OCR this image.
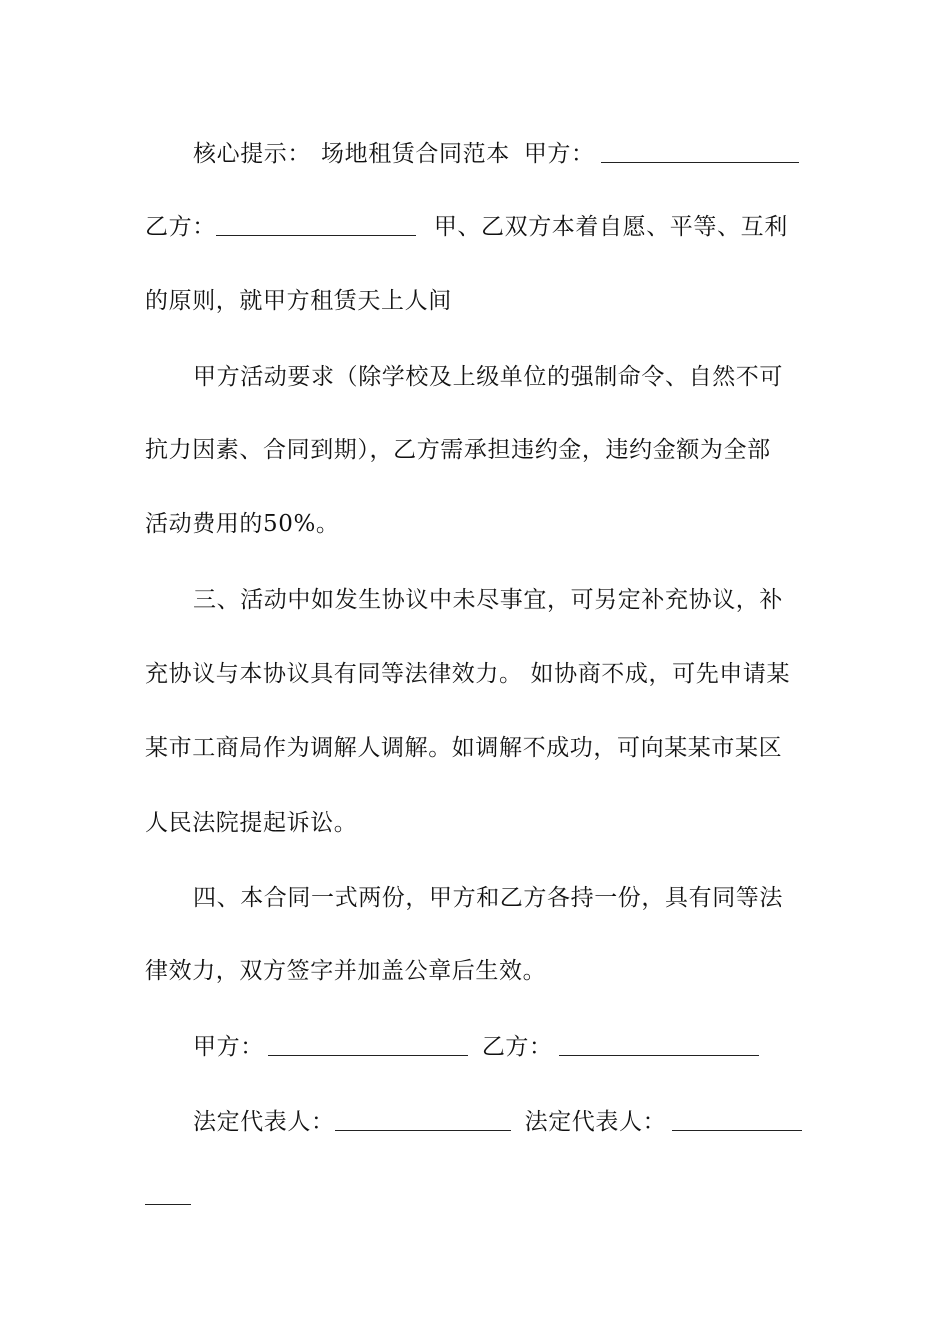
核心提示： 场地租赁合同范本 甲方：
乙方：	甲、乙双方本着自愿、平等、互利
的原则，就甲方租赁天上人间
甲方活动要求（除学校及上级单位的强制命令、自然不可
抗力因素、合同到期），乙方需承担违约金，违约金额为全部
活动费用的50%。
三、活动中如发生协议中未尽事宜，可另定补充协议，补
充协议与本协议具有同等法律效力。 如协商不成，可先申请某
某市工商局作为调解人调解。如调解不成功，可向某某市某区
人民法院提起诉讼。
四、本合同一式两份，甲方和乙方各持一份，具有同等法
律效力，双方签字并加盖公章后生效。
甲方：	乙方：
法定代表人：	法定代表人：
